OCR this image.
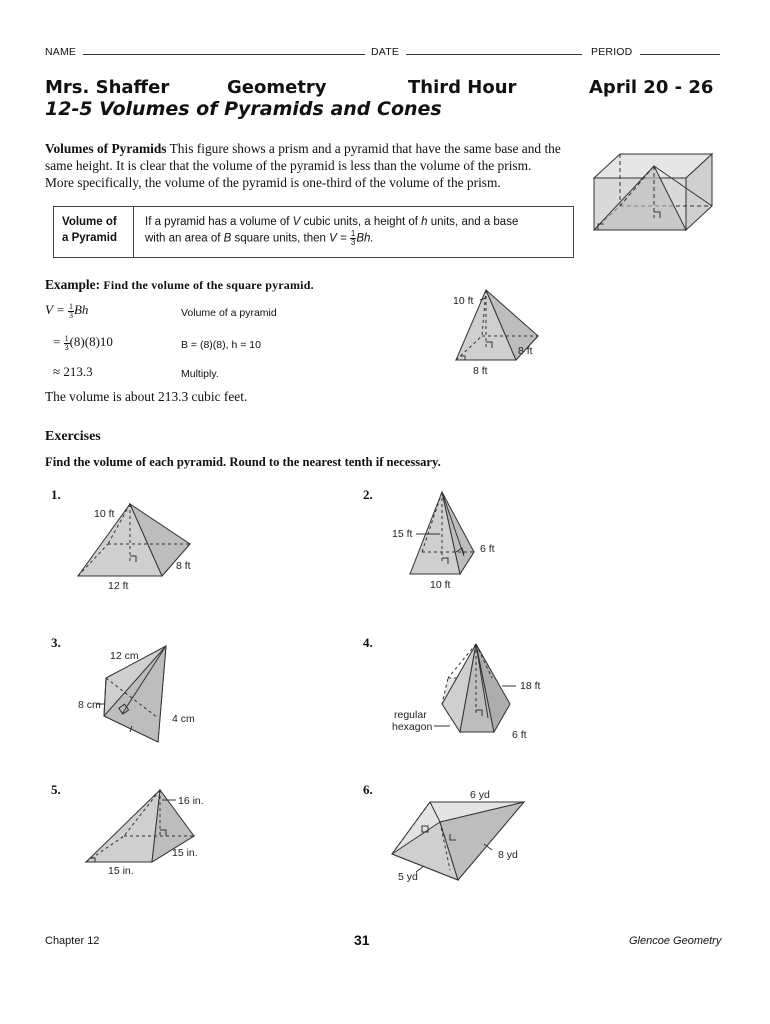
NAME	DATE	PERIOD
Mrs. Shaffer	Geometry	Third Hour	April 20 - 26
12-5 Volumes of Pyramids and Cones
Volumes of Pyramids This figure shows a prism and a pyramid that have the same base and the same height. It is clear that the volume of the pyramid is less than the volume of the prism. More specifically, the volume of the pyramid is one-third of the volume of the prism.
Volume of
a Pyramid
If a pyramid has a volume of V cubic units, a height of h units, and a base
with an area of B square units, then $V = \frac{1}{3} Bh$.
Example: Find the volume of the square pyramid.
$V = \frac{1}{3}$ Bh	Volume of a pyramid
= $\frac{1}{3} (8)(8)10$	B = (8)(8), h = 10
≈ 213.3	Multiply.
The volume is about 213.3 cubic feet.
10 ft
8 ft
8 ft
Exercises
Find the volume of each pyramid. Round to the nearest tenth if necessary.
1.	2.
3.	4.
5.	6.
10 ft
8 ft
12 ft
15 ft
6 ft
10 ft
12 cm
8 cm
4 cm
18 ft
regular
hexagon
6 ft
16 in.
15 in.
15 in.
6 yd
8 yd
5 yd
Chapter 12	31	Glencoe Geometry
